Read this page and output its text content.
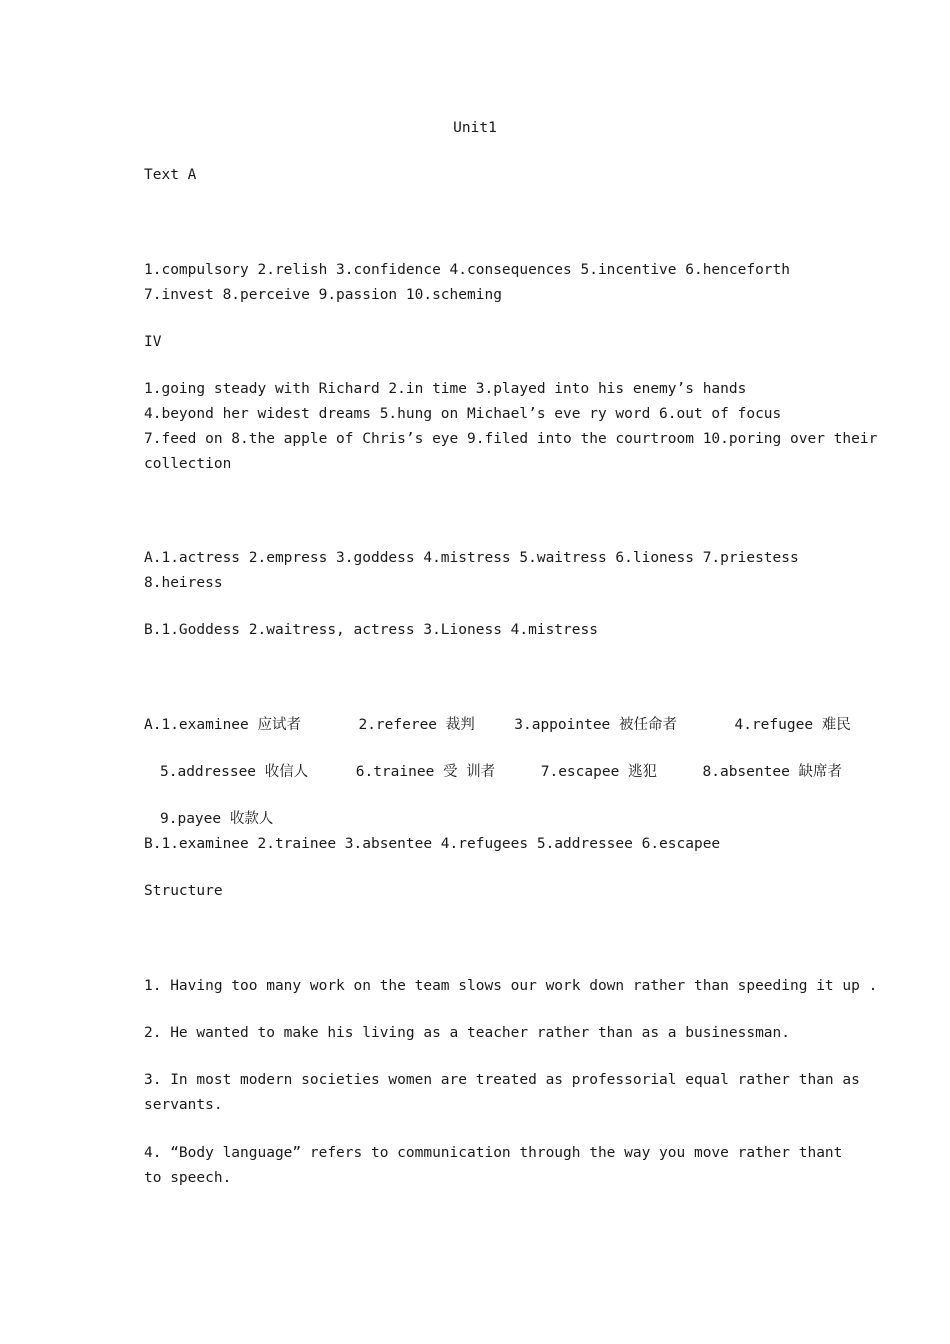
Unit1
Text A
1.compulsory 2.relish 3.confidence 4.consequences 5.incentive 6.henceforth
7.invest 8.perceive 9.passion 10.scheming
IV
1.going steady with Richard 2.in time 3.played into his enemy’s hands
4.beyond her widest dreams 5.hung on Michael’s eve ry word 6.out of focus
7.feed on 8.the apple of Chris’s eye 9.filed into the courtroom 10.poring over their
collection
A.1.actress 2.empress 3.goddess 4.mistress 5.waitress 6.lioness 7.priestess
8.heiress
B.1.Goddess 2.waitress, actress 3.Lioness 4.mistress
A.1.examinee 应试者	2.referee 裁判	3.appointee 被任命者	4.refugee 难民
5.addressee 收信人	6.trainee 受 训者	7.escapee 逃犯	8.absentee 缺席者
9.payee 收款人
B.1.examinee 2.trainee 3.absentee 4.refugees 5.addressee 6.escapee
Structure
1. Having too many work on the team slows our work down rather than speeding it up .
2. He wanted to make his living as a teacher rather than as a businessman.
3. In most modern societies women are treated as professorial equal rather than as
servants.
4. “Body language” refers to communication through the way you move rather thant
to speech.
